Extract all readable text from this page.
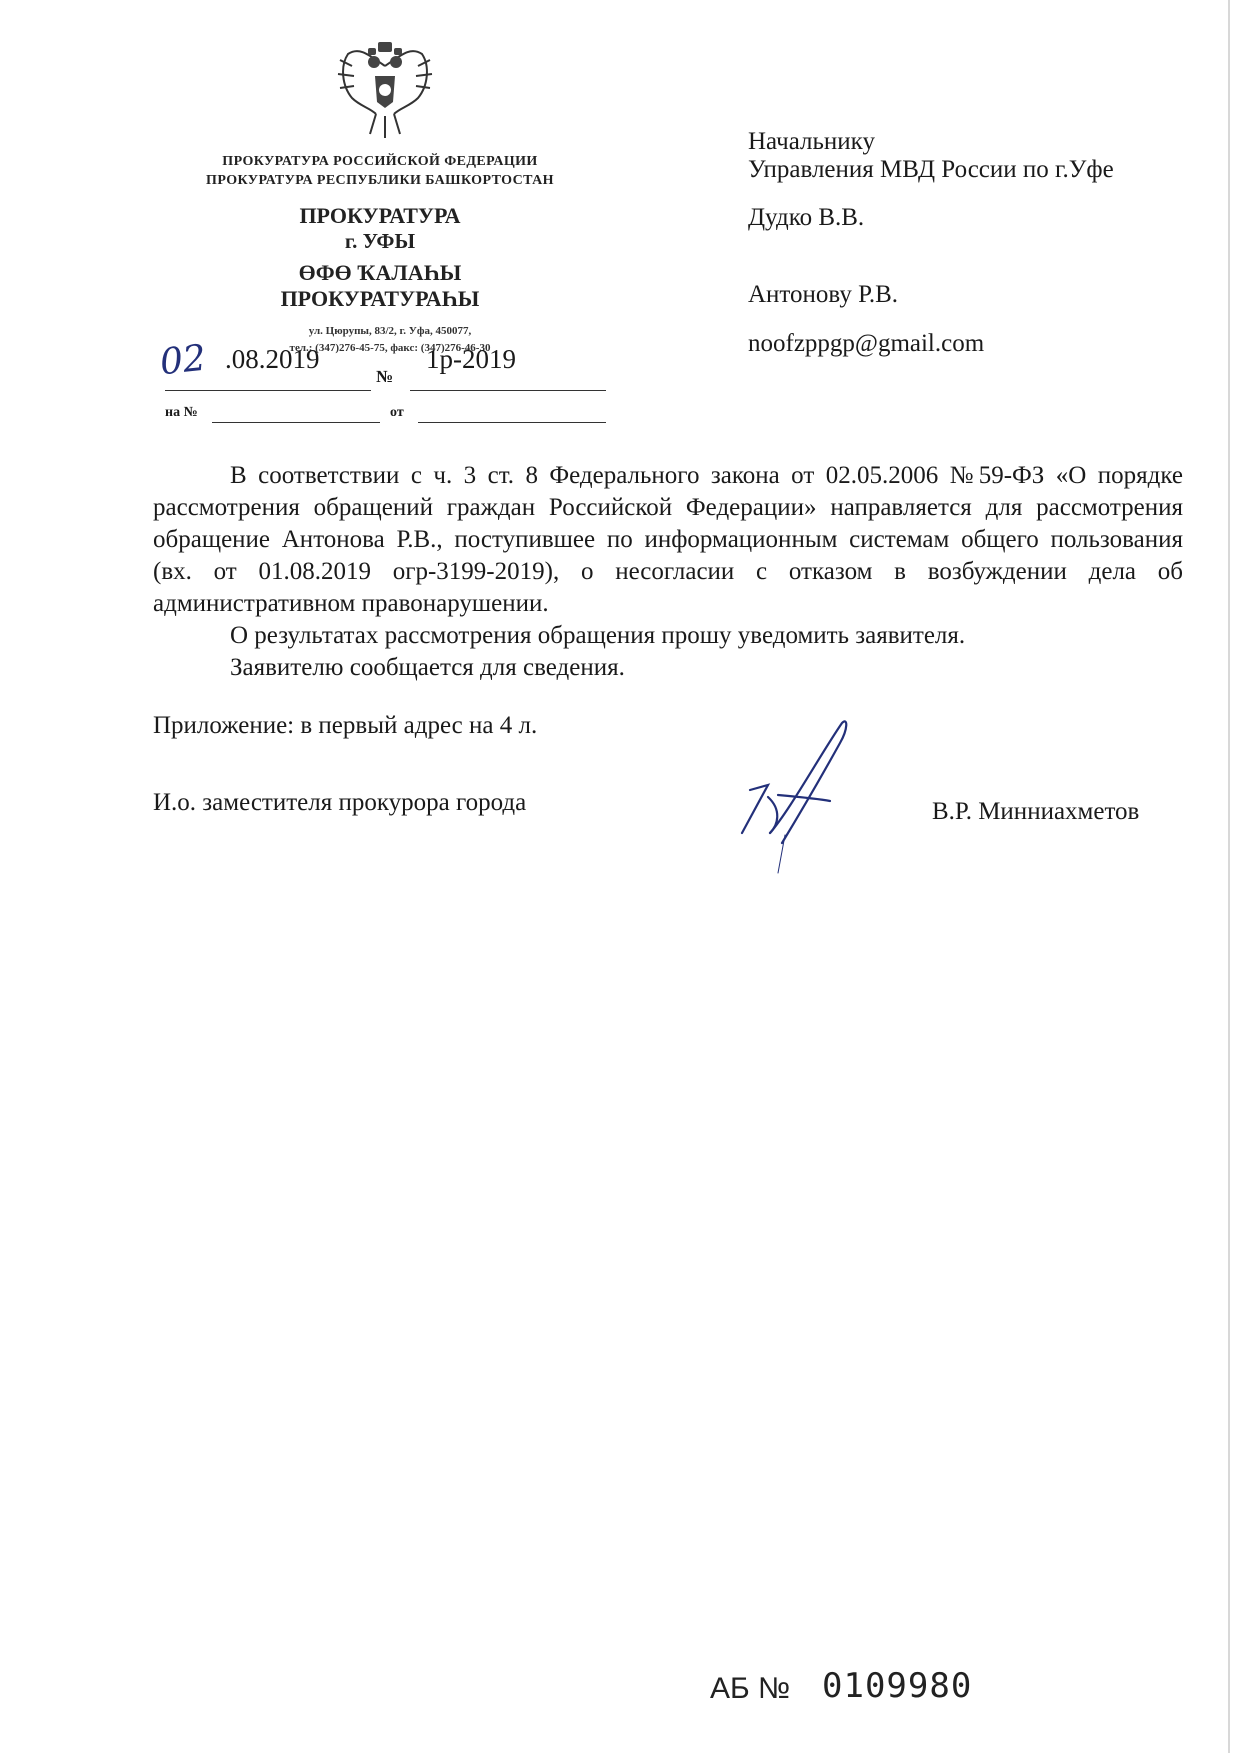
ПРОКУРАТУРА РОССИЙСКОЙ ФЕДЕРАЦИИ
ПРОКУРАТУРА РЕСПУБЛИКИ БАШКОРТОСТАН
ПРОКУРАТУРА
г. УФЫ
ӨФӨ ҠАЛАҺЫ
ПРОКУРАТУРАҺЫ
ул. Цюрупы, 83/2, г. Уфа, 450077,
тел.: (347)276-45-75, факс: (347)276-46-30
02 .08.2019
№
1р-2019
на №	от
Начальнику
Управления МВД России по г.Уфе
Дудко В.В.
Антонову Р.В.
noofzppgp@gmail.com

В соответствии с ч. 3 ст. 8 Федерального закона от 02.05.2006 №59-ФЗ «О порядке рассмотрения обращений граждан Российской Федерации» направляется для рассмотрения обращение Антонова Р.В., поступившее по информационным системам общего пользования (вх. от 01.08.2019 огр-3199-2019), о несогласии с отказом в возбуждении дела об административном правонарушении.

О результатах рассмотрения обращения прошу уведомить заявителя.

Заявителю сообщается для сведения.

Приложение: в первый адрес на 4 л.
И.о. заместителя прокурора города	В.Р. Минниахметов
АБ № 0109980
